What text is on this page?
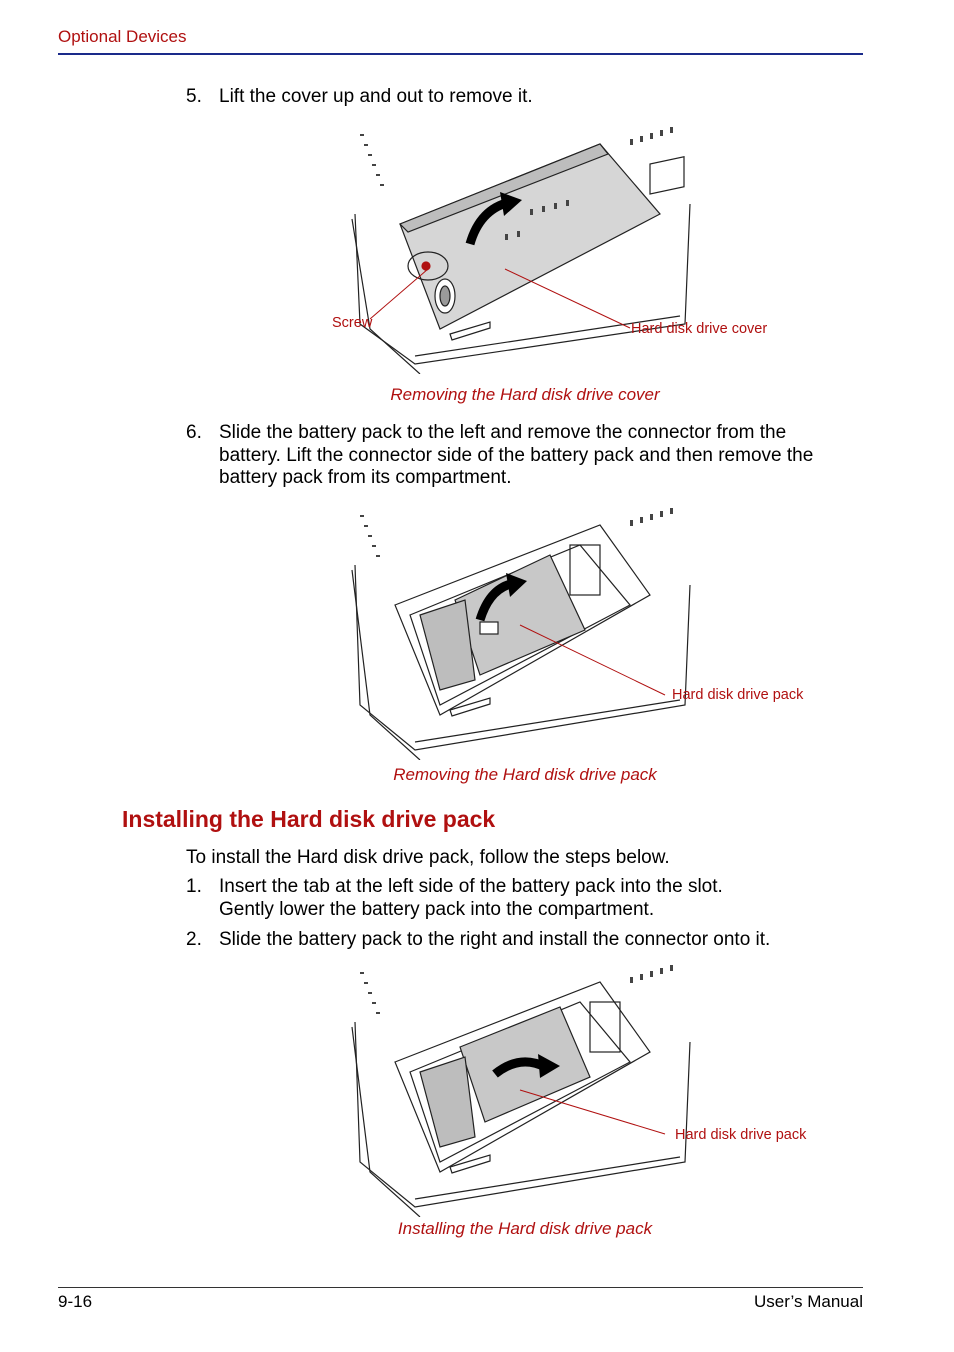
Optional Devices
5. Lift the cover up and out to remove it.
Screw	Hard disk drive cover
Removing the Hard disk drive cover
6. Slide the battery pack to the left and remove the connector from the
battery. Lift the connector side of the battery pack and then remove the
battery pack from its compartment.
Hard disk drive pack
Removing the Hard disk drive pack
Installing the Hard disk drive pack
To install the Hard disk drive pack, follow the steps below.
1. Insert the tab at the left side of the battery pack into the slot.
Gently lower the battery pack into the compartment.
2. Slide the battery pack to the right and install the connector onto it.
Hard disk drive pack
Installing the Hard disk drive pack
9-16	User’s Manual
